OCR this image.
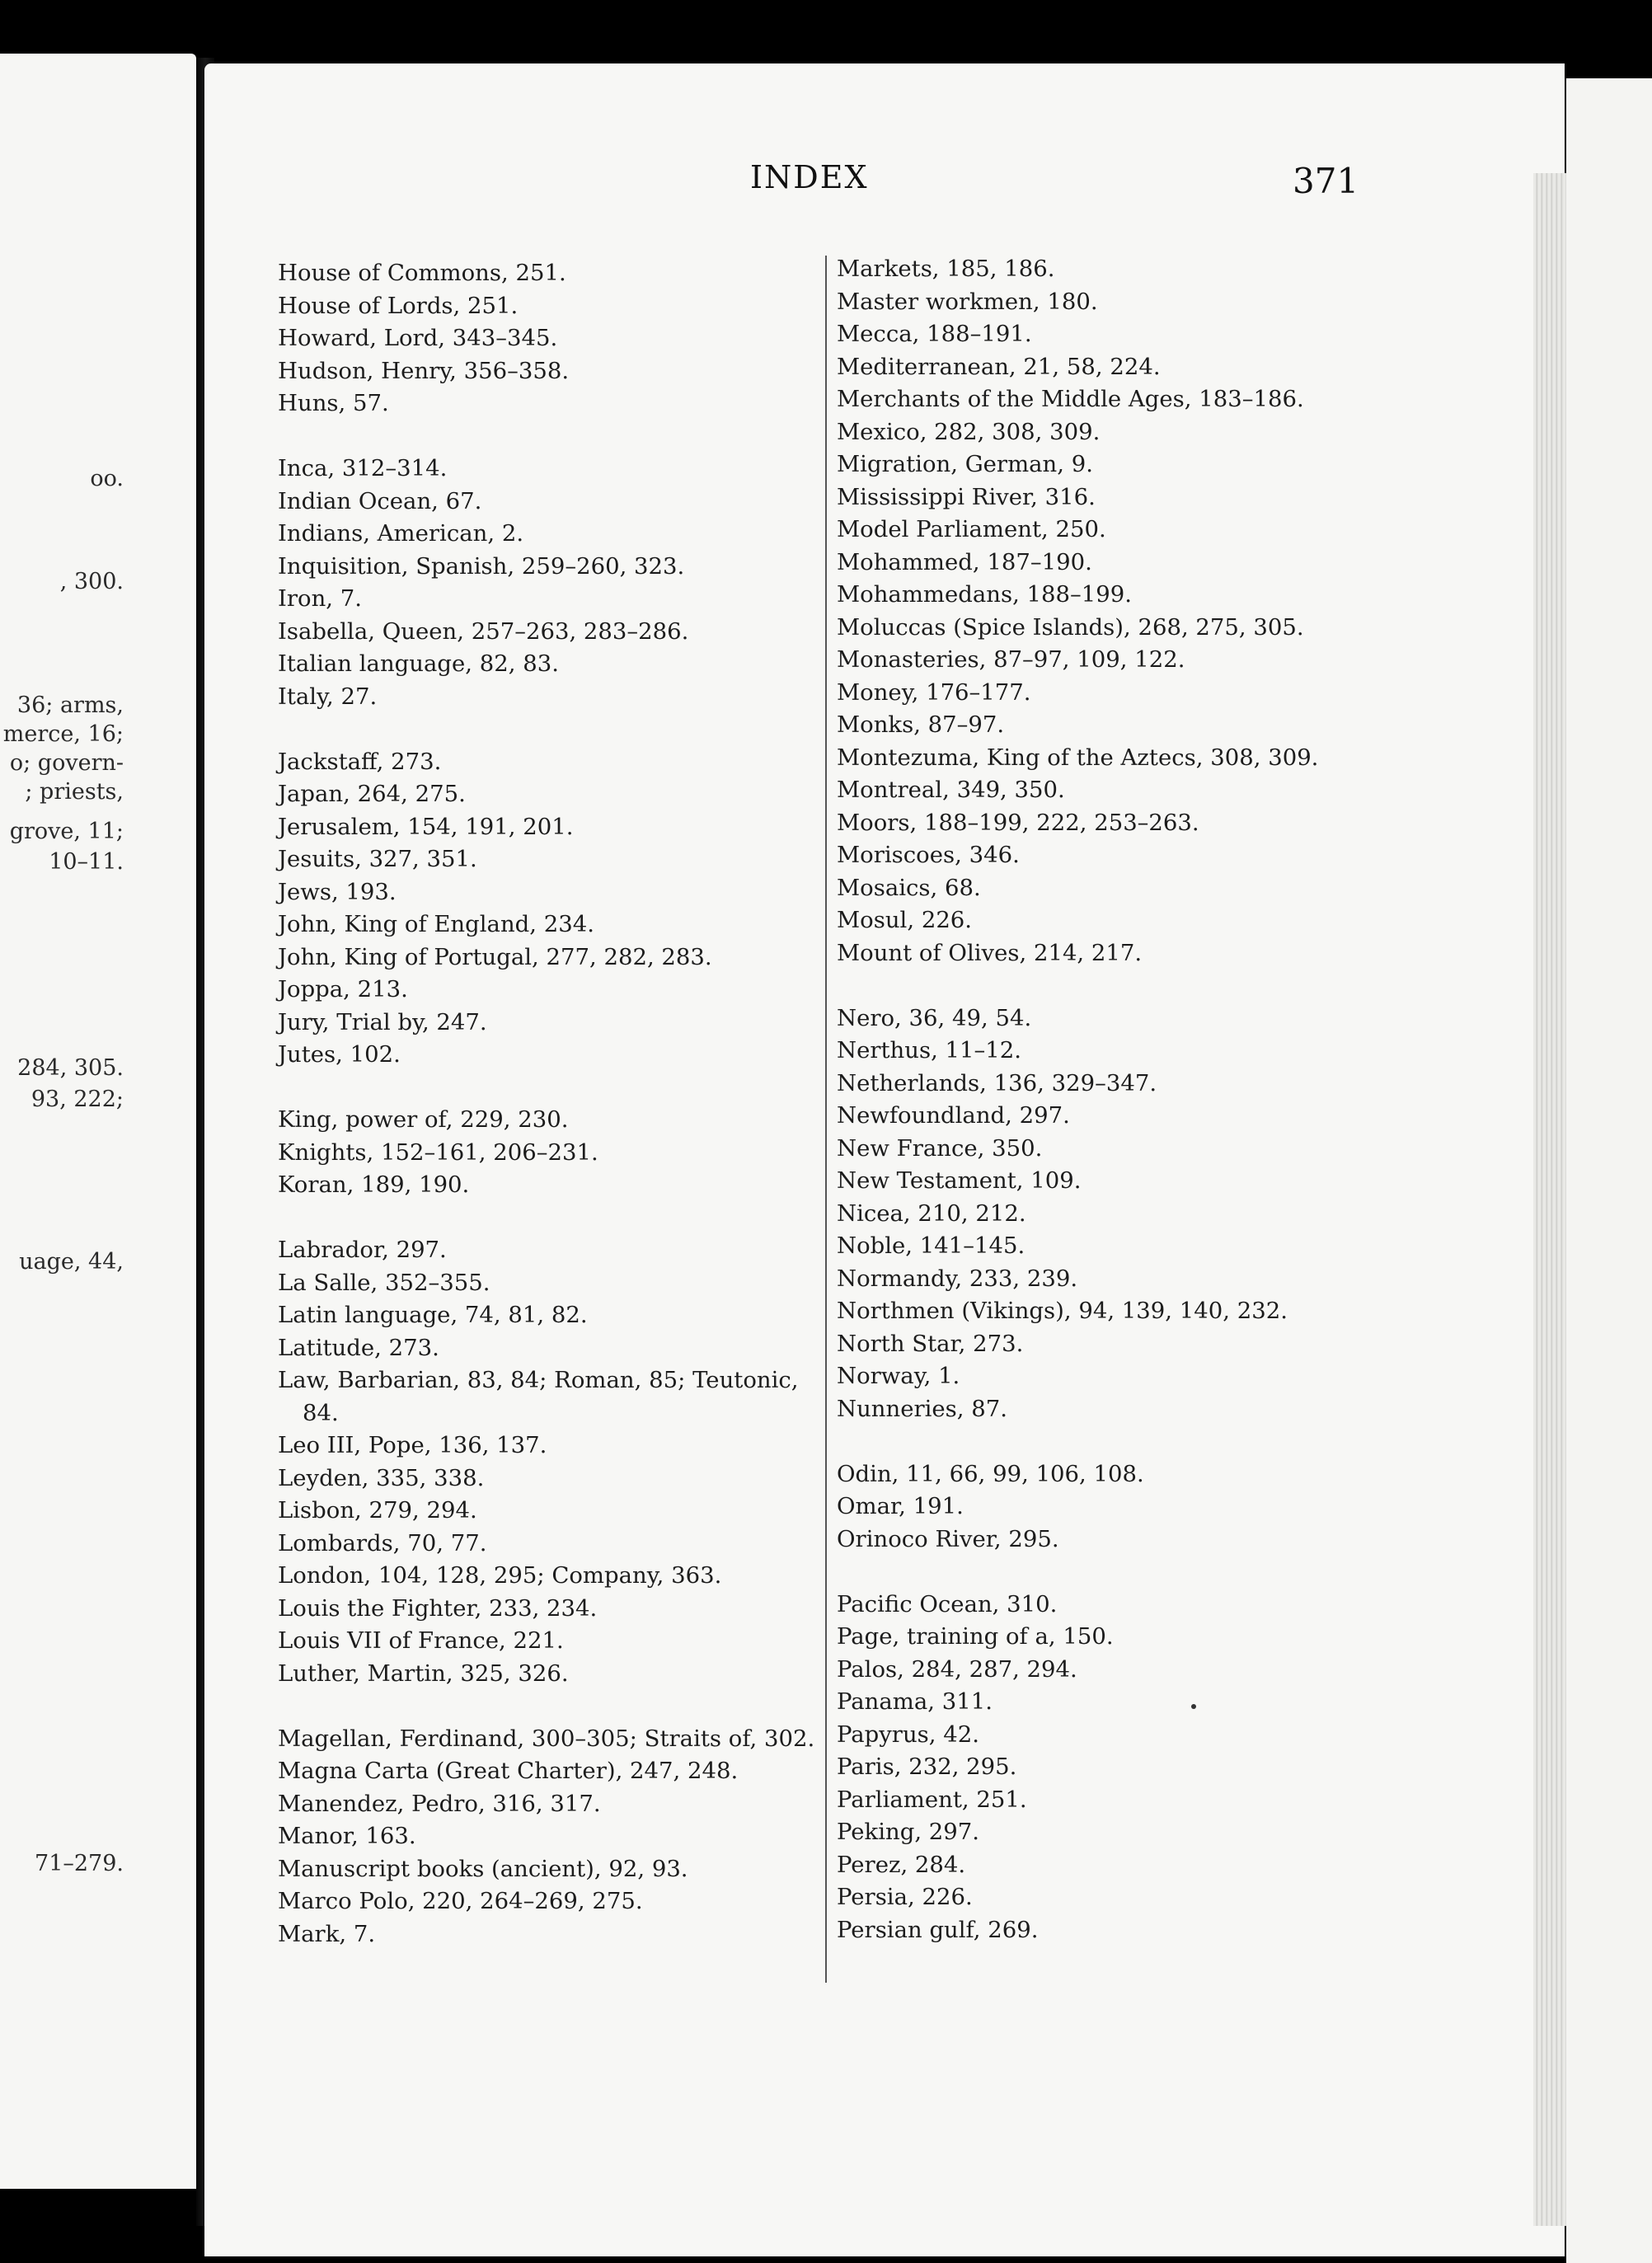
oo.
, 300.
36; arms,
merce, 16;
o; govern-
; priests,
grove, 11;
10–11.
284, 305.
93, 222;
uage, 44,
71–279.
INDEX	371
House of Commons, 251.
House of Lords, 251.
Howard, Lord, 343–345.
Hudson, Henry, 356–358.
Huns, 57.
Inca, 312–314.
Indian Ocean, 67.
Indians, American, 2.
Inquisition, Spanish, 259–260, 323.
Iron, 7.
Isabella, Queen, 257–263, 283–286.
Italian language, 82, 83.
Italy, 27.
Jackstaff, 273.
Japan, 264, 275.
Jerusalem, 154, 191, 201.
Jesuits, 327, 351.
Jews, 193.
John, King of England, 234.
John, King of Portugal, 277, 282, 283.
Joppa, 213.
Jury, Trial by, 247.
Jutes, 102.
King, power of, 229, 230.
Knights, 152–161, 206–231.
Koran, 189, 190.
Labrador, 297.
La Salle, 352–355.
Latin language, 74, 81, 82.
Latitude, 273.
Law, Barbarian, 83, 84; Roman, 85; Teutonic, 84.
Leo III, Pope, 136, 137.
Leyden, 335, 338.
Lisbon, 279, 294.
Lombards, 70, 77.
London, 104, 128, 295; Company, 363.
Louis the Fighter, 233, 234.
Louis VII of France, 221.
Luther, Martin, 325, 326.
Magellan, Ferdinand, 300–305; Straits of, 302.
Magna Carta (Great Charter), 247, 248.
Manendez, Pedro, 316, 317.
Manor, 163.
Manuscript books (ancient), 92, 93.
Marco Polo, 220, 264–269, 275.
Mark, 7.
Markets, 185, 186.
Master workmen, 180.
Mecca, 188–191.
Mediterranean, 21, 58, 224.
Merchants of the Middle Ages, 183–186.
Mexico, 282, 308, 309.
Migration, German, 9.
Mississippi River, 316.
Model Parliament, 250.
Mohammed, 187–190.
Mohammedans, 188–199.
Moluccas (Spice Islands), 268, 275, 305.
Monasteries, 87–97, 109, 122.
Money, 176–177.
Monks, 87–97.
Montezuma, King of the Aztecs, 308, 309.
Montreal, 349, 350.
Moors, 188–199, 222, 253–263.
Moriscoes, 346.
Mosaics, 68.
Mosul, 226.
Mount of Olives, 214, 217.
Nero, 36, 49, 54.
Nerthus, 11–12.
Netherlands, 136, 329–347.
Newfoundland, 297.
New France, 350.
New Testament, 109.
Nicea, 210, 212.
Noble, 141–145.
Normandy, 233, 239.
Northmen (Vikings), 94, 139, 140, 232.
North Star, 273.
Norway, 1.
Nunneries, 87.
Odin, 11, 66, 99, 106, 108.
Omar, 191.
Orinoco River, 295.
Pacific Ocean, 310.
Page, training of a, 150.
Palos, 284, 287, 294.
Panama, 311.
Papyrus, 42.
Paris, 232, 295.
Parliament, 251.
Peking, 297.
Perez, 284.
Persia, 226.
Persian gulf, 269.
